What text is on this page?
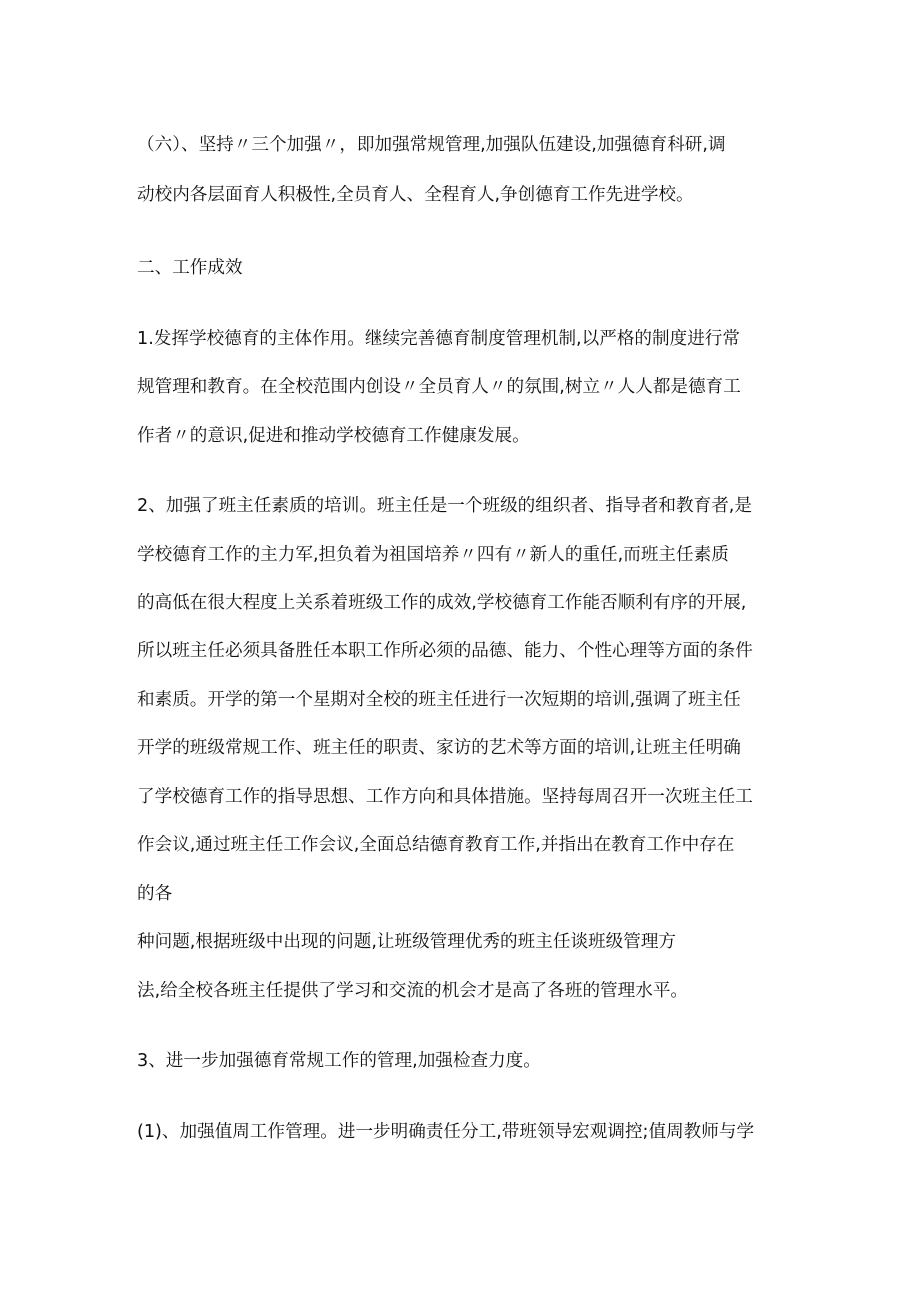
（六）、坚持〃三个加强〃，即加强常规管理,加强队伍建设,加强德育科研,调
动校内各层面育人积极性,全员育人、全程育人,争创德育工作先进学校。
二、工作成效
1.发挥学校德育的主体作用。继续完善德育制度管理机制,以严格的制度进行常
规管理和教育。在全校范围内创设〃全员育人〃的氛围,树立〃人人都是德育工
作者〃的意识,促进和推动学校德育工作健康发展。
2、加强了班主任素质的培训。班主任是一个班级的组织者、指导者和教育者,是
学校德育工作的主力军,担负着为祖国培养〃四有〃新人的重任,而班主任素质
的高低在很大程度上关系着班级工作的成效,学校德育工作能否顺利有序的开展,
所以班主任必须具备胜任本职工作所必须的品德、能力、个性心理等方面的条件
和素质。开学的第一个星期对全校的班主任进行一次短期的培训,强调了班主任
开学的班级常规工作、班主任的职责、家访的艺术等方面的培训,让班主任明确
了学校德育工作的指导思想、工作方向和具体措施。坚持每周召开一次班主任工
作会议,通过班主任工作会议,全面总结德育教育工作,并指出在教育工作中存在
的各
种问题,根据班级中出现的问题,让班级管理优秀的班主任谈班级管理方
法,给全校各班主任提供了学习和交流的机会才是高了各班的管理水平。
3、进一步加强德育常规工作的管理,加强检查力度。
(1)、加强值周工作管理。进一步明确责任分工,带班领导宏观调控;值周教师与学
